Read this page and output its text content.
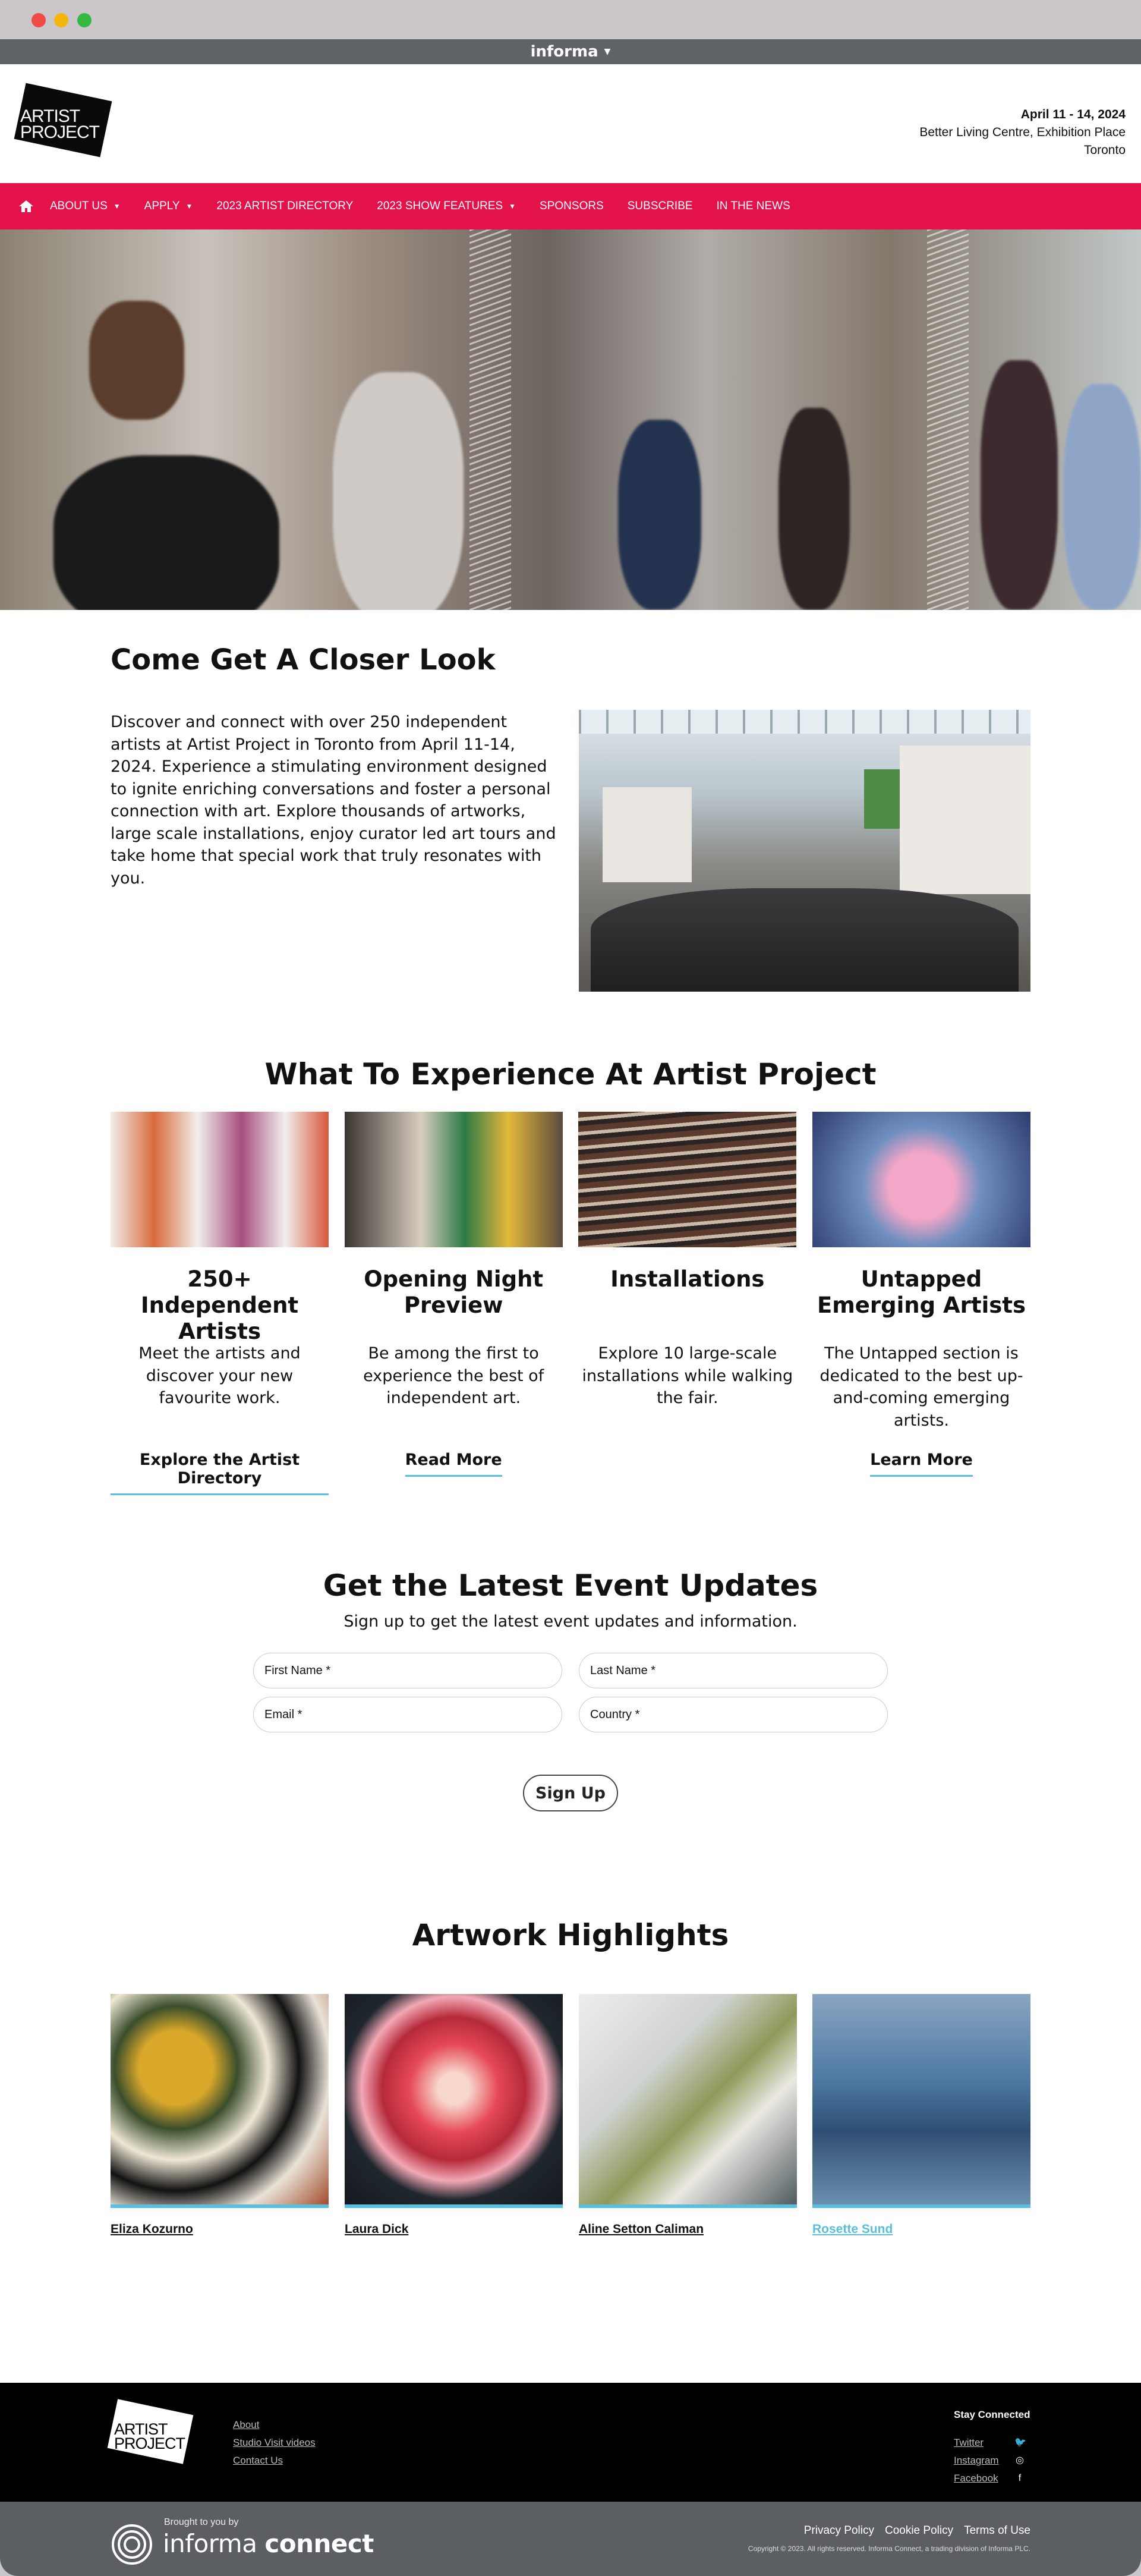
informa ▼
ARTIST PROJECT
April 11 - 14, 2024
Better Living Centre, Exhibition Place
Toronto
ABOUT US ▼ APPLY ▼ 2023 ARTIST DIRECTORY 2023 SHOW FEATURES ▼ SPONSORS SUBSCRIBE IN THE NEWS
Come Get A Closer Look

Discover and connect with over 250 independent artists at Artist Project in Toronto from April 11-14, 2024. Experience a stimulating environment designed to ignite enriching conversations and foster a personal connection with art. Explore thousands of artworks, large scale installations, enjoy curator led art tours and take home that special work that truly resonates with you.

What To Experience At Artist Project
250+ Independent Artists

Meet the artists and discover your new favourite work.

Explore the Artist Directory
Opening Night Preview

Be among the first to experience the best of independent art.

Read More
Installations

Explore 10 large-scale installations while walking the fair.

Untapped Emerging Artists

The Untapped section is dedicated to the best up-and-coming emerging artists.

Learn More
Get the Latest Event Updates
Sign up to get the latest event updates and information.
First Name *
Last Name *
Email *
Country *
Sign Up
Artwork Highlights
Eliza Kozurno	Laura Dick	Aline Setton Caliman	Rosette Sund
ARTIST PROJECT
About
Studio Visit videos
Contact Us
Stay Connected
Twitter	🐦
Instagram ◎
Facebook	f
Brought to you by
informa connect	Privacy Policy Cookie Policy Terms of Use
Copyright © 2023. All rights reserved. Informa Connect, a trading division of Informa PLC.
